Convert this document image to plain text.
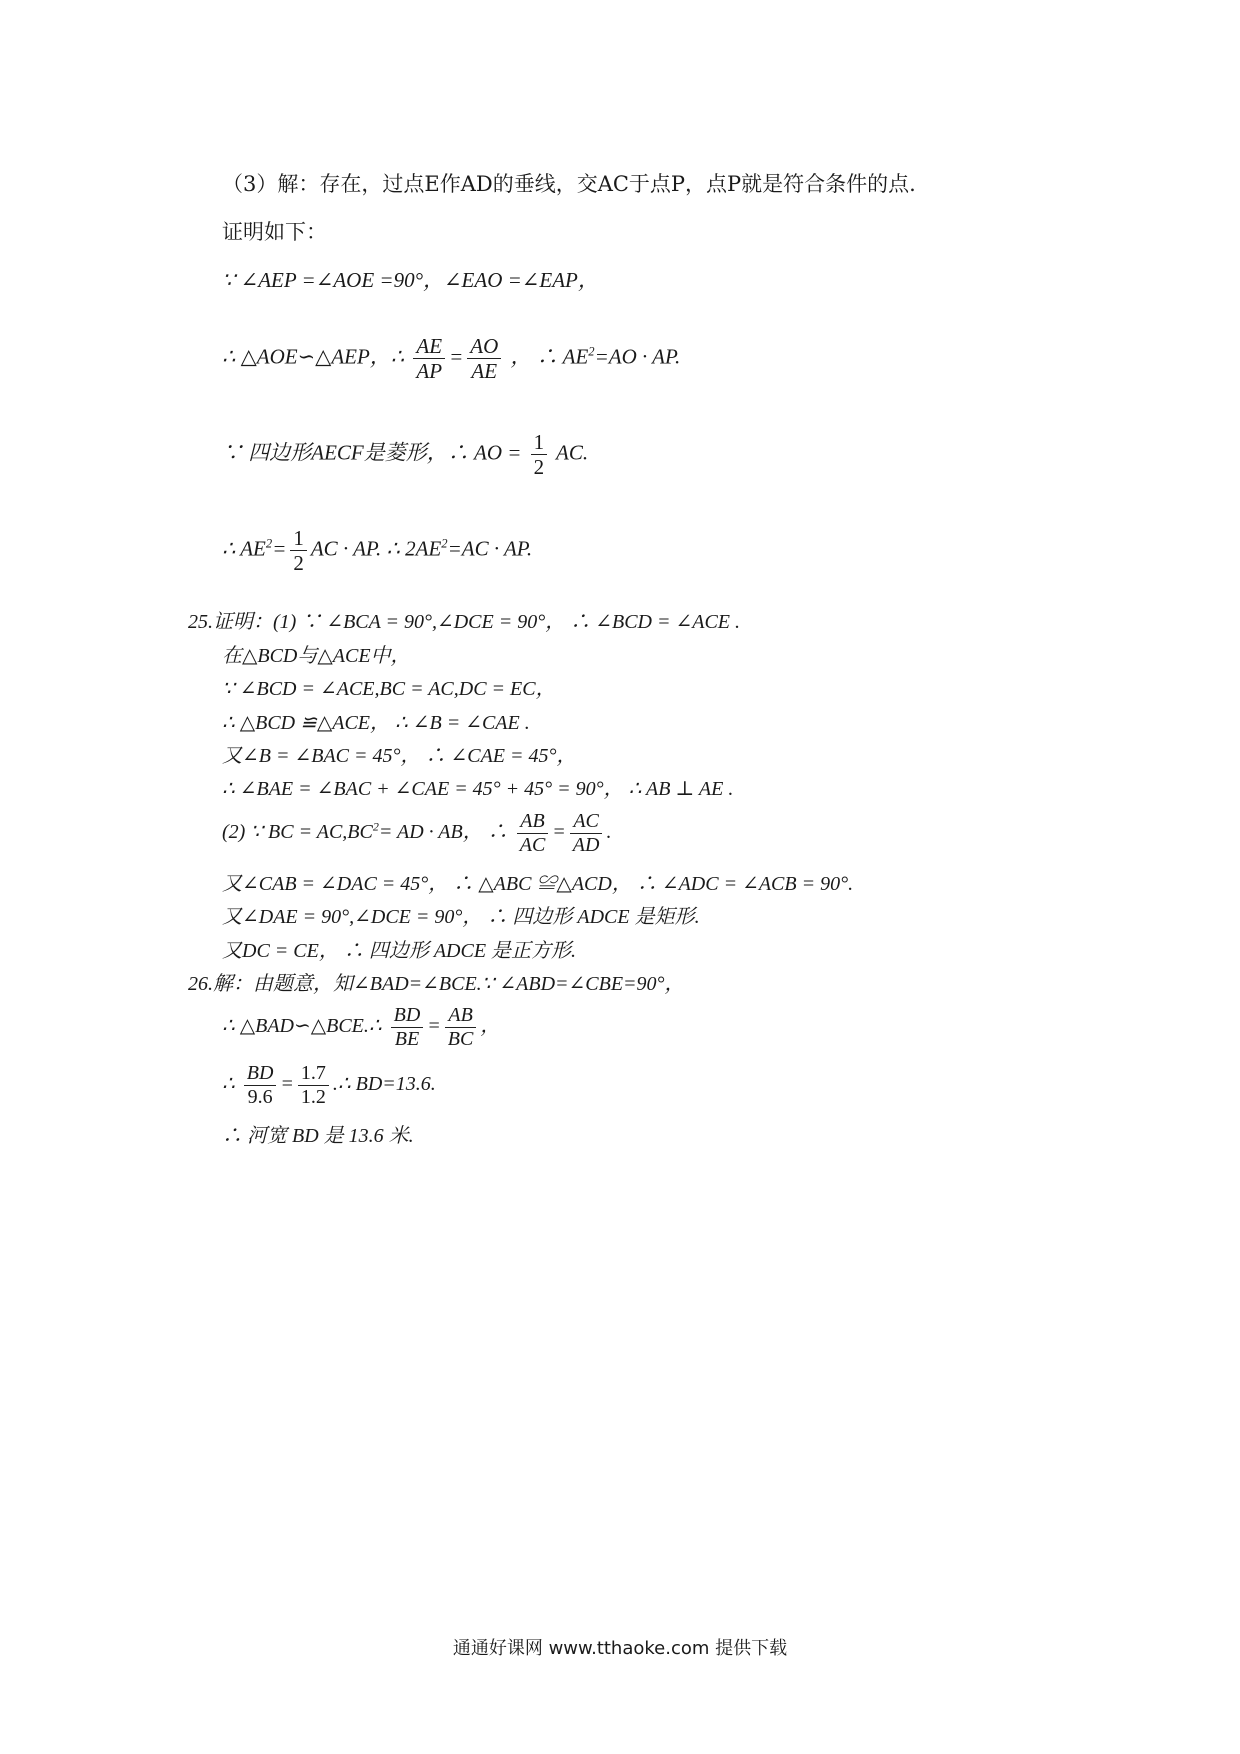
（3）解：存在，过点E作AD的垂线，交AC于点P，点P就是符合条件的点.
证明如下：
∵ ∠AEP =∠AOE =90°，∠EAO =∠EAP，
∴ △AOE∽△AEP，∴ $\frac{AE}{AP} = \frac{AO}{AE}$ ， ∴ $AE^2=AO$ · AP.
∵ 四边形AECF是菱形，∴ AO = $\frac{1}{2}$ AC.
∴ $AE^2= \frac{1}{2}$ AC · AP. ∴ $2AE^2=AC$ · AP.
25.证明：(1) ∵ ∠BCA = 90°,∠DCE = 90°， ∴ ∠BCD = ∠ACE .
在△BCD与△ACE中，
∵ ∠BCD = ∠ACE,BC = AC,DC = EC，
∴ △BCD ≌△ACE， ∴ ∠B = ∠CAE .
又∠B = ∠BAC = 45°， ∴ ∠CAE = 45°，
∴ ∠BAE = ∠BAC + ∠CAE = 45° + 45° = 90°， ∴ AB ⊥ AE .
(2) ∵ BC = $AC,BC^2=$ AD · AB， ∴ $\frac{AB}{AC} = \frac{AC}{AD}$ .
又∠CAB = ∠DAC = 45°， ∴ △ABC ≌△ACD， ∴ ∠ADC = ∠ACB = 90°.
又∠DAE = 90°,∠DCE = 90°， ∴ 四边形 ADCE 是矩形.
又DC = CE， ∴ 四边形 ADCE 是正方形.
26.解：由题意，知∠BAD=∠BCE.∵ ∠ABD=∠CBE=90°，
∴ △BAD∽△BCE.∴ $\frac{BD}{BE} = \frac{AB}{BC}$ ，
∴ $\frac{BD}{9.6} = \frac{1.7}{1.2}$ .∴ BD=13.6.
∴ 河宽 BD 是 13.6 米.
通通好课网 www.tthaoke.com 提供下载
